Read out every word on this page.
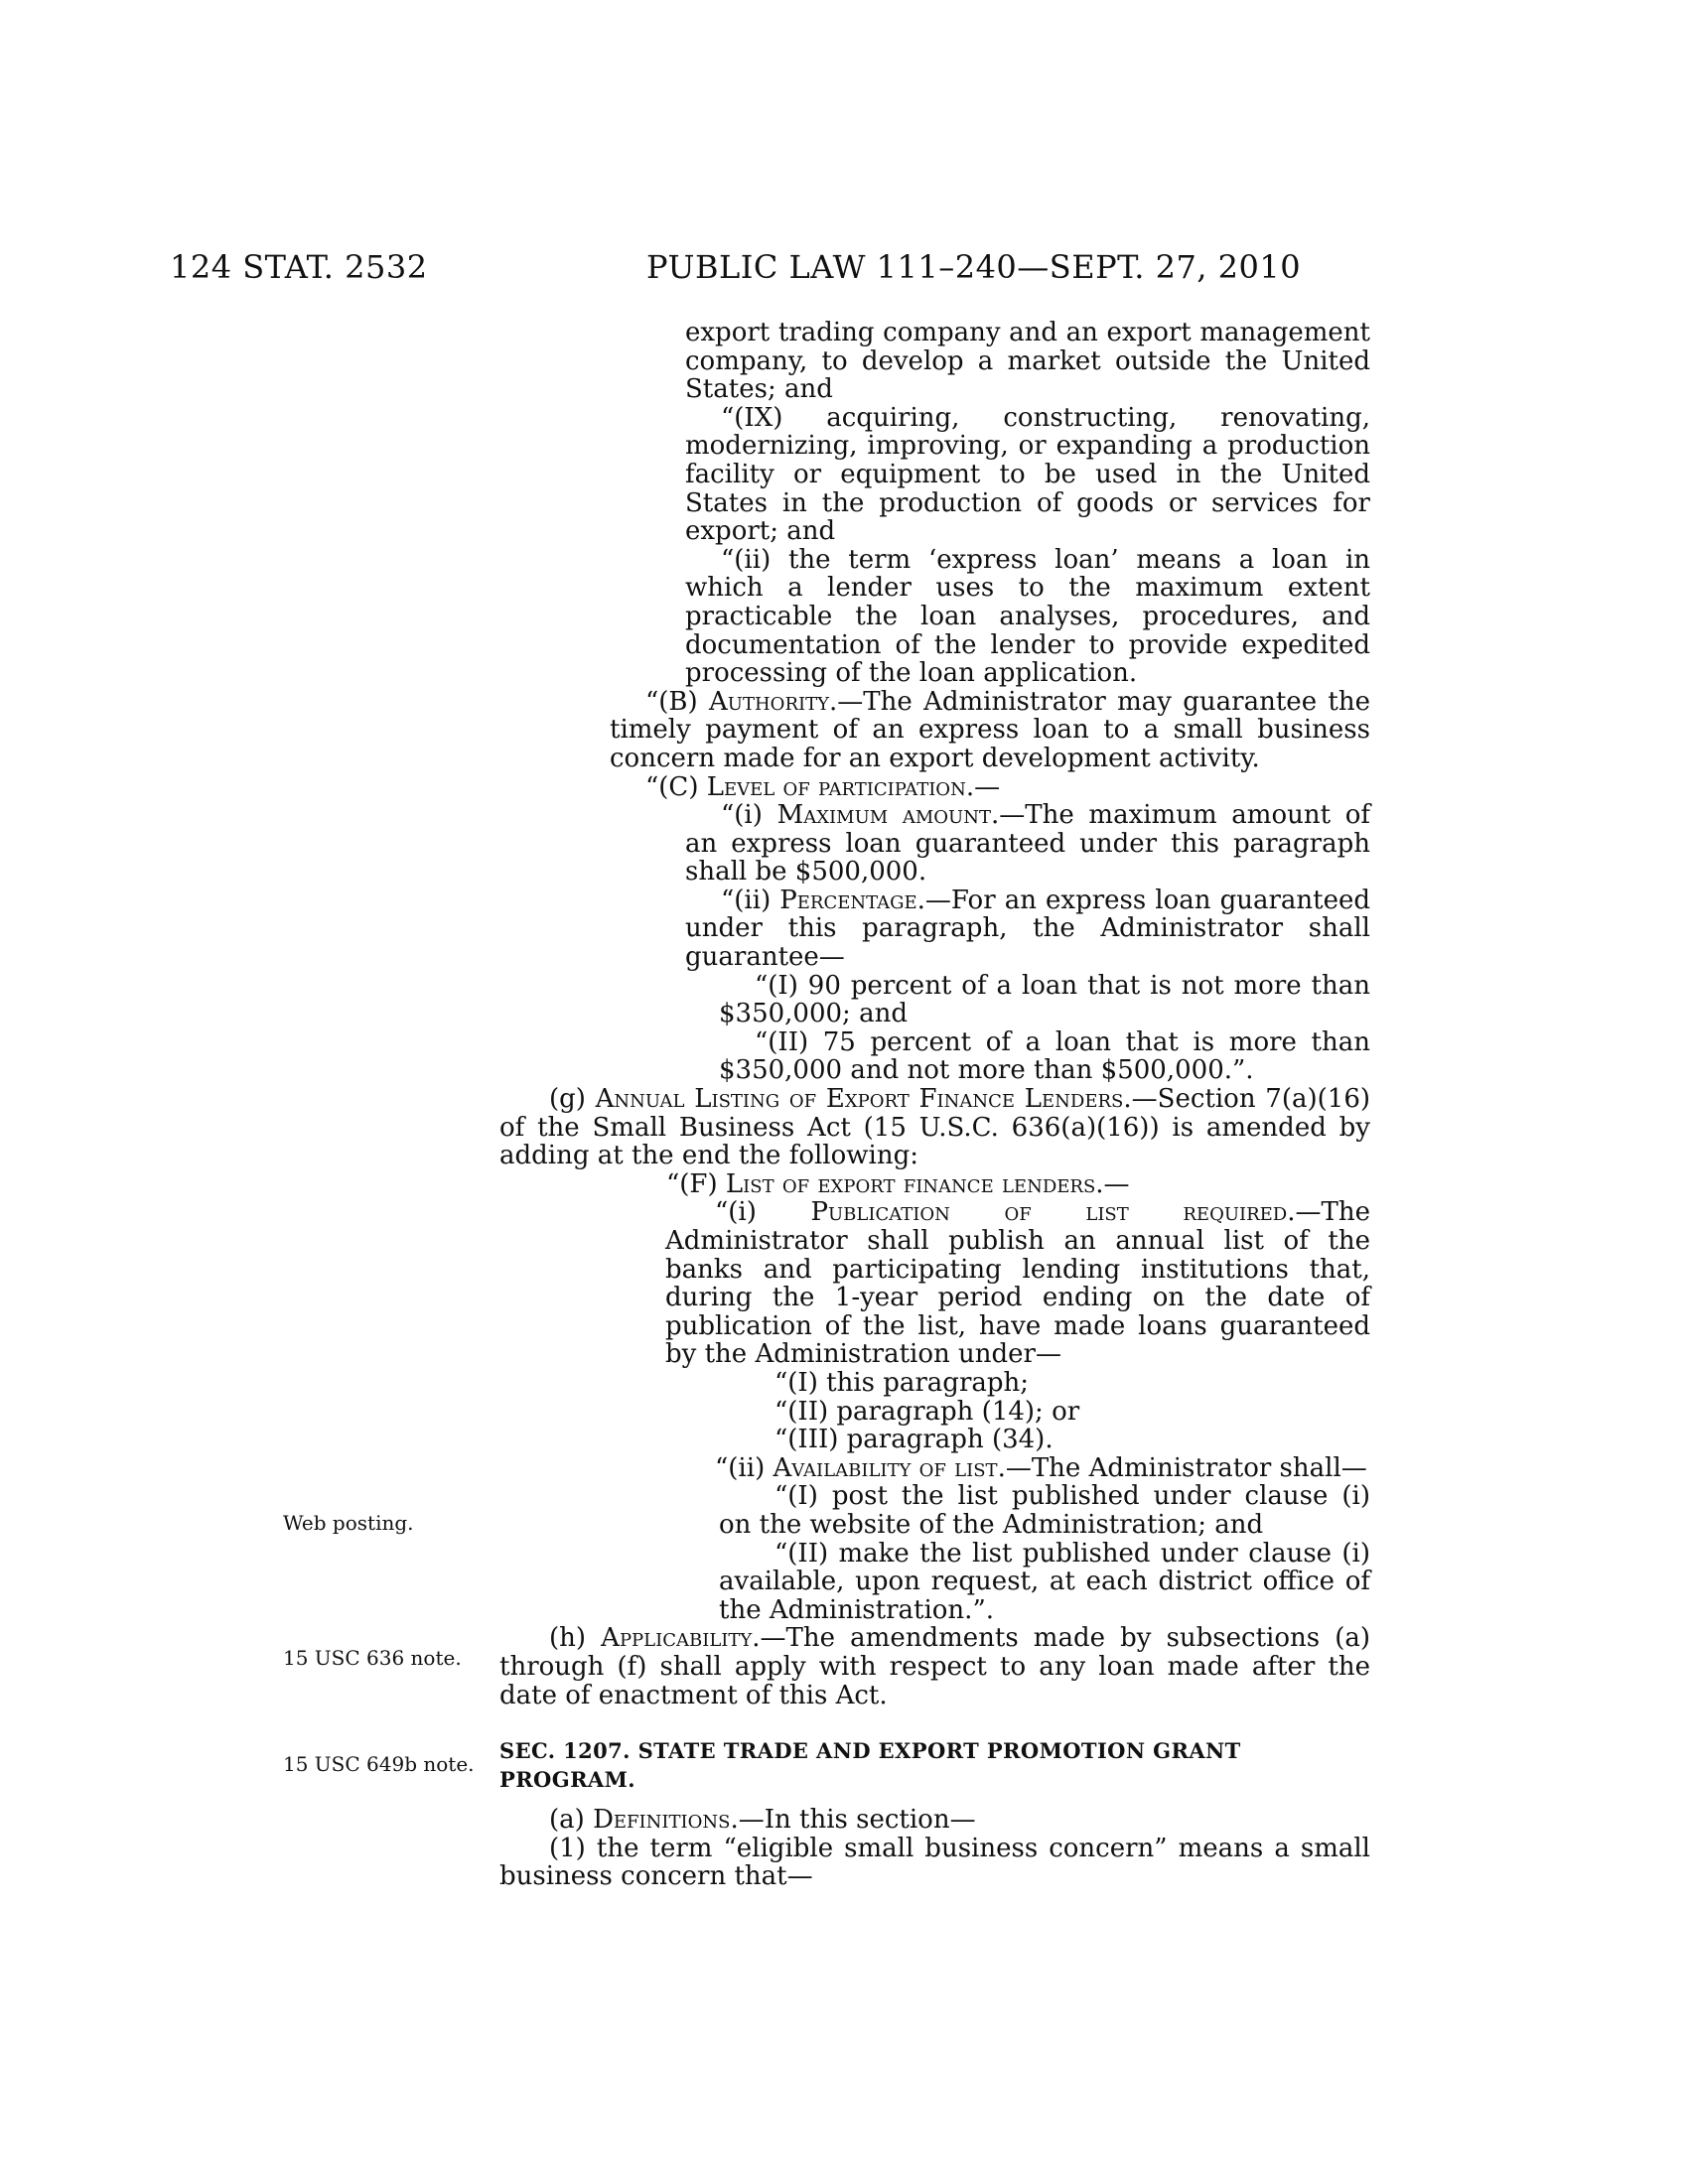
124 STAT. 2532	PUBLIC LAW 111–240—SEPT. 27, 2010
Web posting.
15 USC 636 note.
15 USC 649b note.

export trading company and an export management company, to develop a market outside the United States; and

“(IX) acquiring, constructing, renovating, modernizing, improving, or expanding a production facility or equipment to be used in the United States in the production of goods or services for export; and

“(ii) the term ‘express loan’ means a loan in which a lender uses to the maximum extent practicable the loan analyses, procedures, and documentation of the lender to provide expedited processing of the loan application.

“(B) Authority.—The Administrator may guarantee the timely payment of an express loan to a small business concern made for an export development activity.

“(C) Level of participation.—

“(i) Maximum amount.—The maximum amount of an express loan guaranteed under this paragraph shall be $500,000.

“(ii) Percentage.—For an express loan guaranteed under this paragraph, the Administrator shall guarantee—

“(I) 90 percent of a loan that is not more than $350,000; and

“(II) 75 percent of a loan that is more than $350,000 and not more than $500,000.”.

(g) Annual Listing of Export Finance Lenders.—Section 7(a)(16) of the Small Business Act (15 U.S.C. 636(a)(16)) is amended by adding at the end the following:

“(F) List of export finance lenders.—

“(i) Publication of list required.—The Administrator shall publish an annual list of the banks and participating lending institutions that, during the 1-year period ending on the date of publication of the list, have made loans guaranteed by the Administration under—

“(I) this paragraph;

“(II) paragraph (14); or

“(III) paragraph (34).

“(ii) Availability of list.—The Administrator shall—

“(I) post the list published under clause (i) on the website of the Administration; and

“(II) make the list published under clause (i) available, upon request, at each district office of the Administration.”.

(h) Applicability.—The amendments made by subsections (a) through (f) shall apply with respect to any loan made after the date of enactment of this Act.

SEC. 1207. STATE TRADE AND EXPORT PROMOTION GRANT PROGRAM.

(a) Definitions.—In this section—

(1) the term “eligible small business concern” means a small business concern that—
